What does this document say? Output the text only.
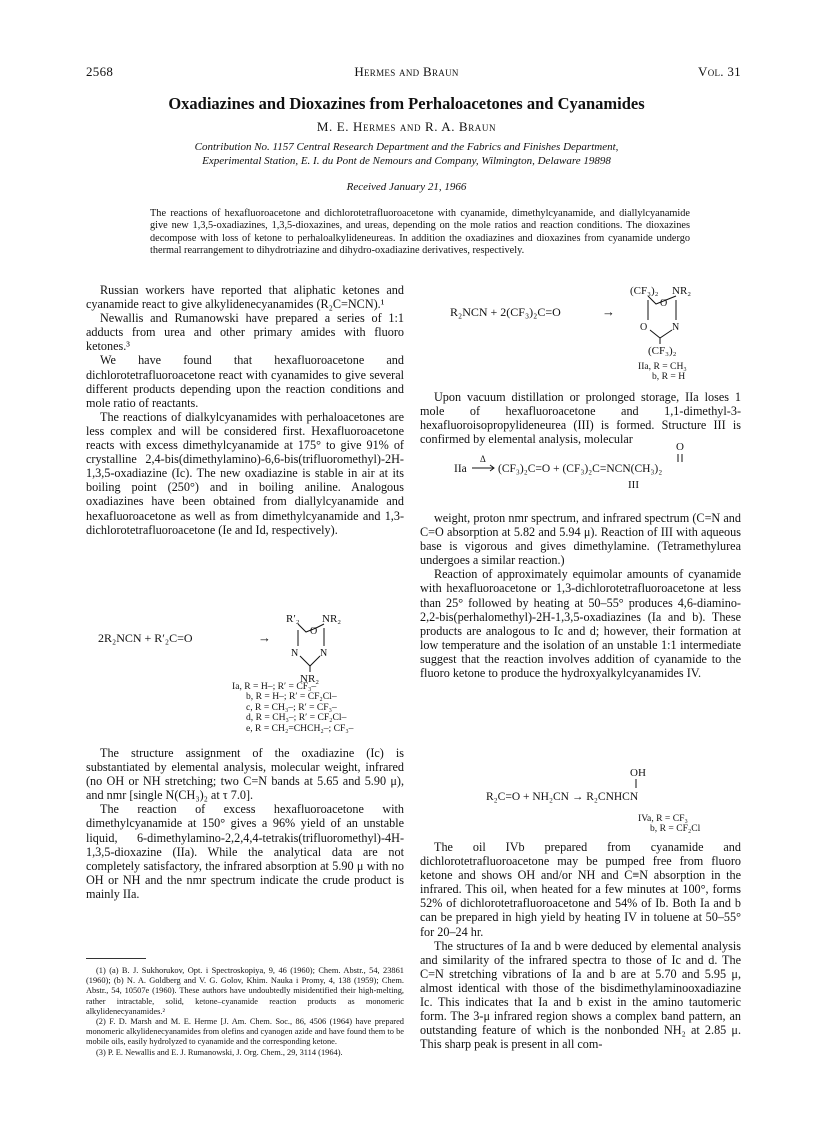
2568	Hermes and Braun	Vol. 31
Oxadiazines and Dioxazines from Perhaloacetones and Cyanamides
M. E. Hermes and R. A. Braun
Contribution No. 1157 Central Research Department and the Fabrics and Finishes Department,
Experimental Station, E. I. du Pont de Nemours and Company, Wilmington, Delaware 19898
Received January 21, 1966
The reactions of hexafluoroacetone and dichlorotetrafluoroacetone with cyanamide, dimethylcyanamide, and diallylcyanamide give new 1,3,5-oxadiazines, 1,3,5-dioxazines, and ureas, depending on the mole ratios and reaction conditions. The dioxazines decompose with loss of ketone to perhaloalkylideneureas. In addition the oxadiazines and dioxazines from cyanamide undergo thermal rearrangement to dihydrotriazine and dihydro-oxadiazine derivatives, respectively.

Russian workers have reported that aliphatic ketones and cyanamide react to give alkylidenecyanamides (R₂C=NCN).¹

Newallis and Rumanowski have prepared a series of 1:1 adducts from urea and other primary amides with fluoro ketones.³

We have found that hexafluoroacetone and dichlorotetrafluoroacetone react with cyanamides to give several different products depending upon the reaction conditions and mole ratio of reactants.

The reactions of dialkylcyanamides with perhaloacetones are less complex and will be considered first. Hexafluoroacetone reacts with excess dimethylcyanamide at 175° to give 91% of crystalline 2,4-bis(dimethylamino)-6,6-bis(trifluoromethyl)-2H-1,3,5-oxadiazine (Ic). The new oxadiazine is stable in air at its boiling point (250°) and in boiling aniline. Analogous oxadiazines have been obtained from diallylcyanamide and hexafluoroacetone as well as from dimethylcyanamide and 1,3-dichlorotetrafluoroacetone (Ie and Id, respectively).

2R₂NCN + R′₂C=O	→
R′₂ NR₂
O
N N
NR₂
Ia, R = H–; R′ = CF₃–
b, R = H–; R′ = CF₂Cl–
c, R = CH₃–; R′ = CF₃–
d, R = CH₃–; R′ = CF₂Cl–
e, R = CH₂=CHCH₂–; CF₃–

The structure assignment of the oxadiazine (Ic) is substantiated by elemental analysis, molecular weight, infrared (no OH or NH stretching; two C=N bands at 5.65 and 5.90 μ), and nmr [single N(CH₃)₂ at τ 7.0].

The reaction of excess hexafluoroacetone with dimethylcyanamide at 150° gives a 96% yield of an unstable liquid, 6-dimethylamino-2,2,4,4-tetrakis(trifluoromethyl)-4H-1,3,5-dioxazine (IIa). While the analytical data are not completely satisfactory, the infrared absorption at 5.90 μ with no OH or NH and the nmr spectrum indicate the crude product is mainly IIa.

(1) (a) B. J. Sukhorukov, Opt. i Spectroskopiya, 9, 46 (1960); Chem. Abstr., 54, 23861 (1960); (b) N. A. Goldberg and V. G. Golov, Khim. Nauka i Promy, 4, 138 (1959); Chem. Abstr., 54, 10507e (1960). These authors have undoubtedly misidentified their high-melting, rather intractable, solid, ketone–cyanamide reaction products as monomeric alkylidenecyanamides.²

(2) F. D. Marsh and M. E. Herme [J. Am. Chem. Soc., 86, 4506 (1964) have prepared monomeric alkylidenecyanamides from olefins and cyanogen azide and have found them to be mobile oils, easily hydrolyzed to cyanamide and the corresponding ketone.

(3) P. E. Newallis and E. J. Rumanowski, J. Org. Chem., 29, 3114 (1964).

R₂NCN + 2(CF₃)₂C=O	→
(CF₃)₂ NR₂
O
O N
(CF₃)₂
IIa, R = CH₃
b, R = H

Upon vacuum distillation or prolonged storage, IIa loses 1 mole of hexafluoroacetone and 1,1-dimethyl-3-hexafluoroisopropylideneurea (III) is formed. Structure III is confirmed by elemental analysis, molecular

IIa
Δ
(CF₃)₂C=O + (CF₃)₂C=NCN(CH₃)₂
O
III

weight, proton nmr spectrum, and infrared spectrum (C=N and C=O absorption at 5.82 and 5.94 μ). Reaction of III with aqueous base is vigorous and gives dimethylamine. (Tetramethylurea undergoes a similar reaction.)

Reaction of approximately equimolar amounts of cyanamide with hexafluoroacetone or 1,3-dichlorotetrafluoroacetone at less than 25° followed by heating at 50–55° produces 4,6-diamino-2,2-bis(perhalomethyl)-2H-1,3,5-oxadiazines (Ia and b). These products are analogous to Ic and d; however, their formation at low temperature and the isolation of an unstable 1:1 intermediate suggest that the reaction involves addition of cyanamide to the fluoro ketone to produce the hydroxyalkylcyanamides IV.

OH
R₂C=O + NH₂CN → R₂CNHCN
IVa, R = CF₃
b, R = CF₂Cl

The oil IVb prepared from cyanamide and dichlorotetrafluoroacetone may be pumped free from fluoro ketone and shows OH and/or NH and C≡N absorption in the infrared. This oil, when heated for a few minutes at 100°, forms 52% of dichlorotetrafluoroacetone and 54% of Ib. Both Ia and b can be prepared in high yield by heating IV in toluene at 50–55° for 20–24 hr.

The structures of Ia and b were deduced by elemental analysis and similarity of the infrared spectra to those of Ic and d. The C=N stretching vibrations of Ia and b are at 5.70 and 5.95 μ, almost identical with those of the bisdimethylaminooxadiazine Ic. This indicates that Ia and b exist in the amino tautomeric form. The 3-μ infrared region shows a complex band pattern, an outstanding feature of which is the nonbonded NH₂ at 2.85 μ. This sharp peak is present in all com-
